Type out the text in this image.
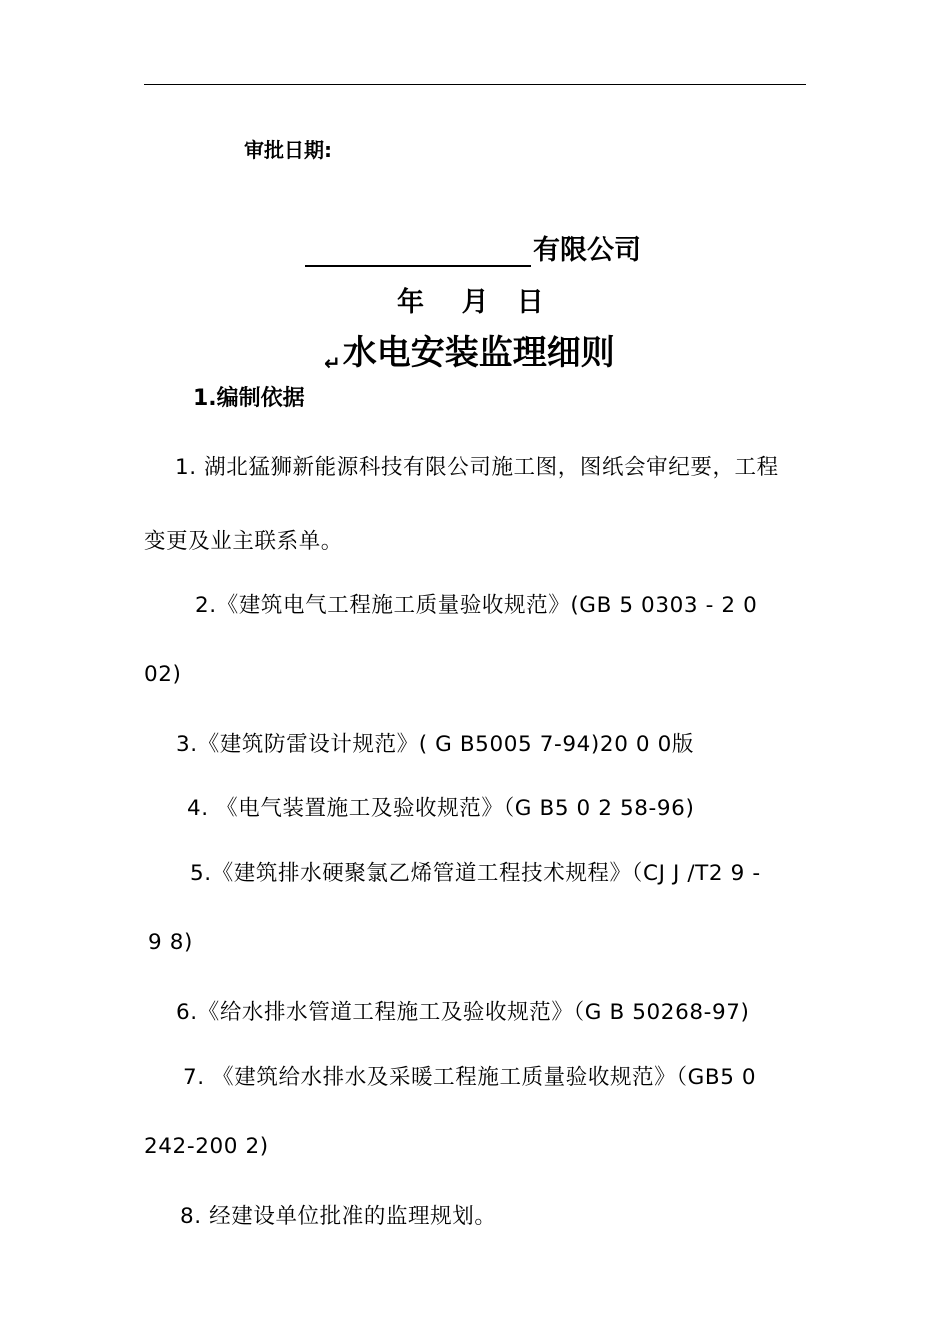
审批日期:
有限公司
年    月   日
↵水电安装监理细则
1.编制依据
1. 湖北猛狮新能源科技有限公司施工图，图纸会审纪要，工程
变更及业主联系单。
2.《建筑电气工程施工质量验收规范》(GB 5 0303 - 2 0
02)
3.《建筑防雷设计规范》( G B5005 7-94)20 0 0版
4. 《电气装置施工及验收规范》（G B5 0 2 58-96)
5.《建筑排水硬聚氯乙烯管道工程技术规程》（CJ J /T2 9 -
9 8)
6.《给水排水管道工程施工及验收规范》（G B 50268-97)
7. 《建筑给水排水及采暖工程施工质量验收规范》（GB5 0
242-200 2)
8. 经建设单位批准的监理规划。
